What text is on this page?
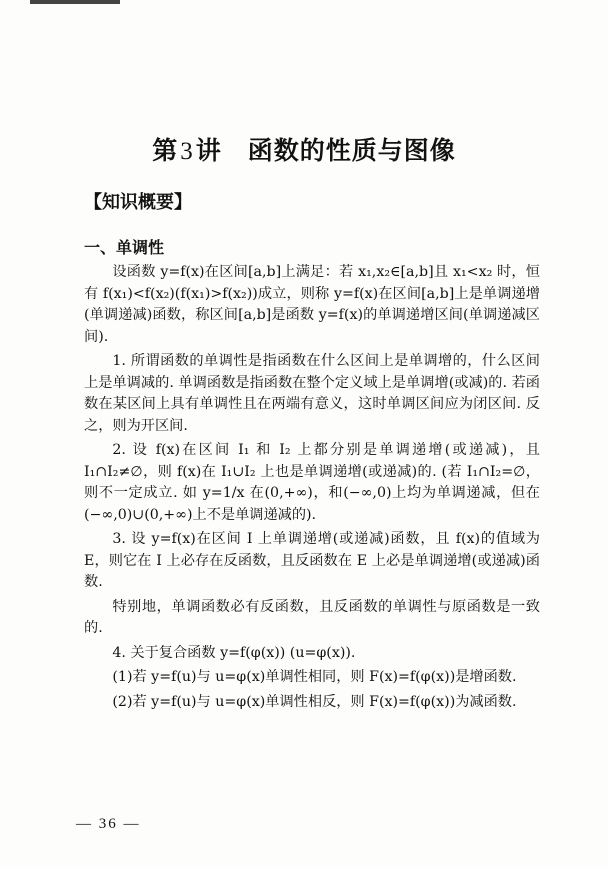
第3讲 函数的性质与图像
【知识概要】
一、单调性

设函数 y=f(x)在区间[a,b]上满足：若 x₁,x₂∈[a,b]且 x₁<x₂ 时，恒有 f(x₁)<f(x₂)(f(x₁)>f(x₂))成立，则称 y=f(x)在区间[a,b]上是单调递增(单调递减)函数，称区间[a,b]是函数 y=f(x)的单调递增区间(单调递减区间).

1. 所谓函数的单调性是指函数在什么区间上是单调增的，什么区间上是单调减的. 单调函数是指函数在整个定义域上是单调增(或减)的. 若函数在某区间上具有单调性且在两端有意义，这时单调区间应为闭区间. 反之，则为开区间.

2. 设 f(x)在区间 I₁ 和 I₂ 上都分别是单调递增(或递减)，且 I₁∩I₂≠∅，则 f(x)在 I₁∪I₂ 上也是单调递增(或递减)的. (若 I₁∩I₂=∅，则不一定成立. 如 y=1/x 在(0,+∞)，和(−∞,0)上均为单调递减，但在(−∞,0)∪(0,+∞)上不是单调递减的).

3. 设 y=f(x)在区间 I 上单调递增(或递减)函数，且 f(x)的值域为 E，则它在 I 上必存在反函数，且反函数在 E 上必是单调递增(或递减)函数.

特别地，单调函数必有反函数，且反函数的单调性与原函数是一致的.

4. 关于复合函数 y=f(φ(x)) (u=φ(x)).

(1)若 y=f(u)与 u=φ(x)单调性相同，则 F(x)=f(φ(x))是增函数.

(2)若 y=f(u)与 u=φ(x)单调性相反，则 F(x)=f(φ(x))为减函数.

— 36 —
